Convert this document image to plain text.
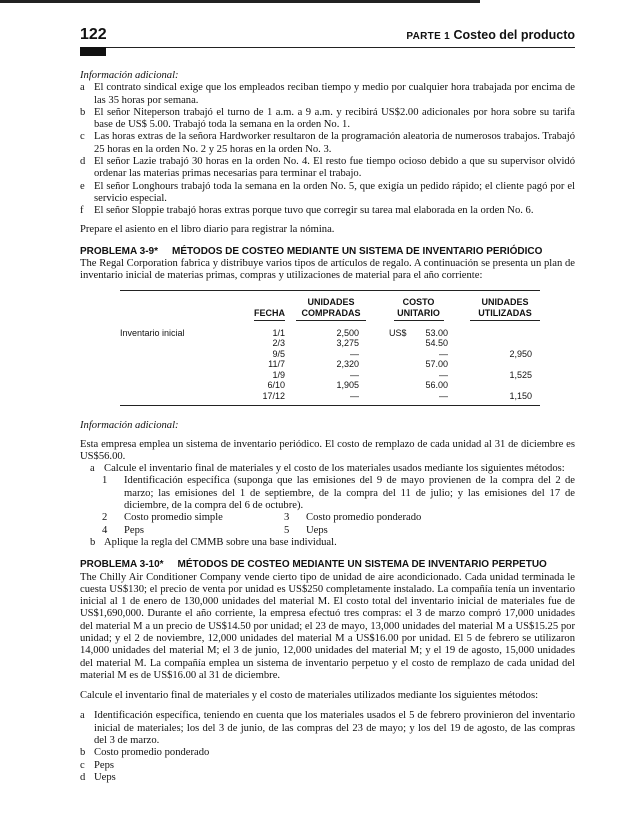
122	PARTE 1 Costeo del producto

Información adicional:

a El contrato sindical exige que los empleados reciban tiempo y medio por cualquier hora trabajada por encima de las 35 horas por semana.
b El señor Niteperson trabajó el turno de 1 a.m. a 9 a.m. y recibirá US$2.00 adicionales por hora sobre su tarifa base de US$ 5.00. Trabajó toda la semana en la orden No. 1.
c Las horas extras de la señora Hardworker resultaron de la programación aleatoria de numerosos trabajos. Trabajó 25 horas en la orden No. 2 y 25 horas en la orden No. 3.
d El señor Lazie trabajó 30 horas en la orden No. 4. El resto fue tiempo ocioso debido a que su supervisor olvidó ordenar las materias primas necesarias para terminar el trabajo.
e El señor Longhours trabajó toda la semana en la orden No. 5, que exigía un pedido rápido; el cliente pagó por el servicio especial.
f El señor Sloppie trabajó horas extras porque tuvo que corregir su tarea mal elaborada en la orden No. 6.

Prepare el asiento en el libro diario para registrar la nómina.

PROBLEMA 3-9* MÉTODOS DE COSTEO MEDIANTE UN SISTEMA DE INVENTARIO PERIÓDICO

The Regal Corporation fabrica y distribuye varios tipos de artículos de regalo. A continuación se presenta un plan de inventario inicial de materias primas, compras y utilizaciones de material para el año corriente:

	FECHA	UNIDADES COMPRADAS	COSTO UNITARIO	UNIDADES UTILIZADAS
Inventario inicial	1/1	2,500	US$ 53.00	
	2/3	3,275	54.50	
	9/5	—	—	2,950
	11/7	2,320	57.00	
	1/9	—	—	1,525
	6/10	1,905	56.00	
	17/12	—	—	1,150

Información adicional:

Esta empresa emplea un sistema de inventario periódico. El costo de remplazo de cada unidad al 31 de diciembre es US$56.00.

a Calcule el inventario final de materiales y el costo de los materiales usados mediante los siguientes métodos:
1	Identificación específica (suponga que las emisiones del 9 de mayo provienen de la compra del 2 de marzo; las emisiones del 1 de septiembre, de la compra del 11 de julio; y las emisiones del 17 de diciembre, de la compra del 6 de octubre).
2	Costo promedio simple	3	Costo promedio ponderado
4	Peps	5	Ueps
b Aplique la regla del CMMB sobre una base individual.

PROBLEMA 3-10* MÉTODOS DE COSTEO MEDIANTE UN SISTEMA DE INVENTARIO PERPETUO

The Chilly Air Conditioner Company vende cierto tipo de unidad de aire acondicionado. Cada unidad terminada le cuesta US$130; el precio de venta por unidad es US$250 completamente instalado. La compañía tenía un inventario inicial al 1 de enero de 130,000 unidades del material M. El costo total del inventario inicial de materiales fue de US$1,690,000. Durante el año corriente, la empresa efectuó tres compras: el 3 de marzo compró 17,000 unidades del material M a un precio de US$14.50 por unidad; el 23 de mayo, 13,000 unidades del material M a US$15.25 por unidad; y el 2 de noviembre, 12,000 unidades del material M a US$16.00 por unidad. El 5 de febrero se utilizaron 14,000 unidades del material M; el 3 de junio, 12,000 unidades del material M; y el 19 de agosto, 15,000 unidades del material M. La compañía emplea un sistema de inventario perpetuo y el costo de remplazo de cada unidad del material M es de US$16.00 al 31 de diciembre.

Calcule el inventario final de materiales y el costo de materiales utilizados mediante los siguientes métodos:

a Identificación específica, teniendo en cuenta que los materiales usados el 5 de febrero provinieron del inventario inicial de materiales; los del 3 de junio, de las compras del 23 de mayo; y los del 19 de agosto, de las compras del 3 de marzo.
b Costo promedio ponderado
c Peps
d Ueps
